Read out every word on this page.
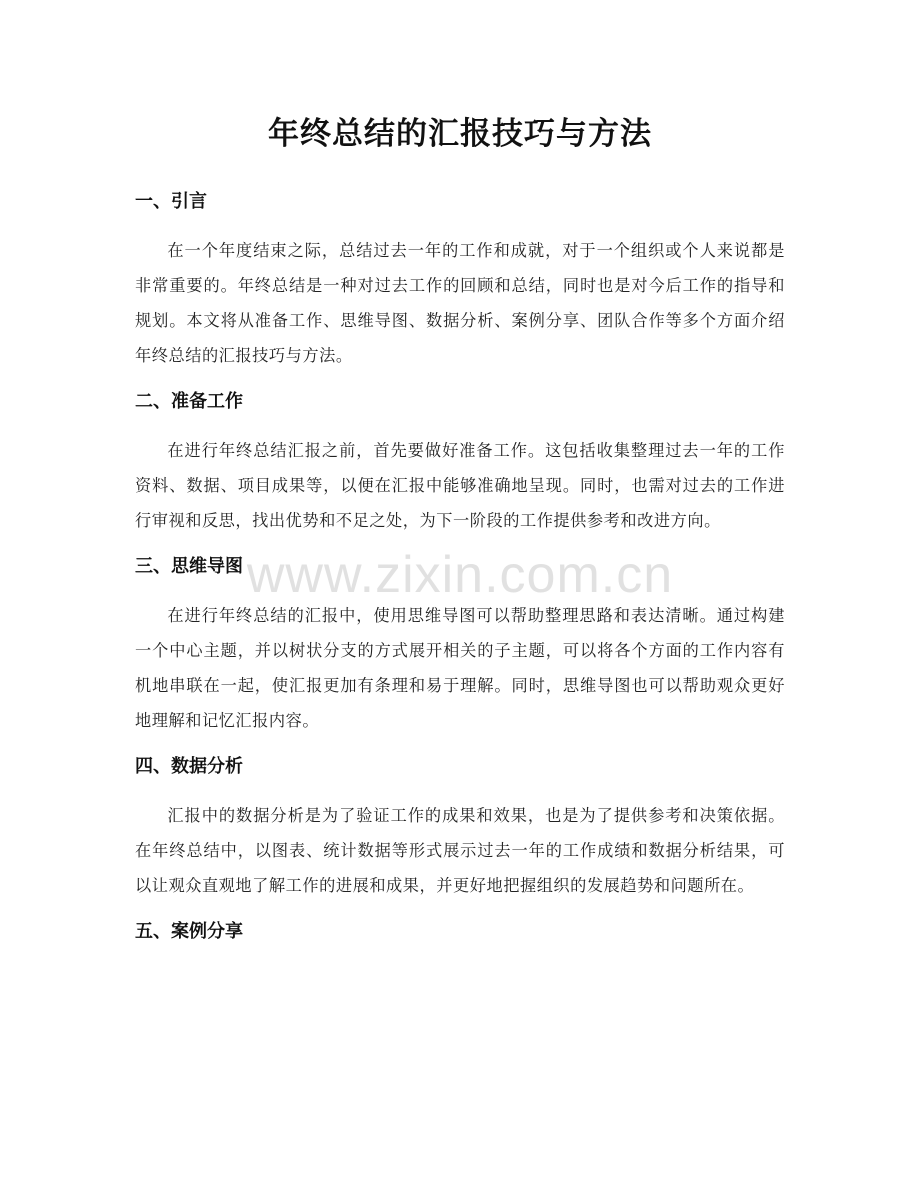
年终总结的汇报技巧与方法
一、引言

在一个年度结束之际，总结过去一年的工作和成就，对于一个组织或个人来说都是非常重要的。年终总结是一种对过去工作的回顾和总结，同时也是对今后工作的指导和规划。本文将从准备工作、思维导图、数据分析、案例分享、团队合作等多个方面介绍年终总结的汇报技巧与方法。

二、准备工作

在进行年终总结汇报之前，首先要做好准备工作。这包括收集整理过去一年的工作资料、数据、项目成果等，以便在汇报中能够准确地呈现。同时，也需对过去的工作进行审视和反思，找出优势和不足之处，为下一阶段的工作提供参考和改进方向。

三、思维导图

在进行年终总结的汇报中，使用思维导图可以帮助整理思路和表达清晰。通过构建一个中心主题，并以树状分支的方式展开相关的子主题，可以将各个方面的工作内容有机地串联在一起，使汇报更加有条理和易于理解。同时，思维导图也可以帮助观众更好地理解和记忆汇报内容。

四、数据分析

汇报中的数据分析是为了验证工作的成果和效果，也是为了提供参考和决策依据。在年终总结中，以图表、统计数据等形式展示过去一年的工作成绩和数据分析结果，可以让观众直观地了解工作的进展和成果，并更好地把握组织的发展趋势和问题所在。

五、案例分享
www.zixin.com.cn
